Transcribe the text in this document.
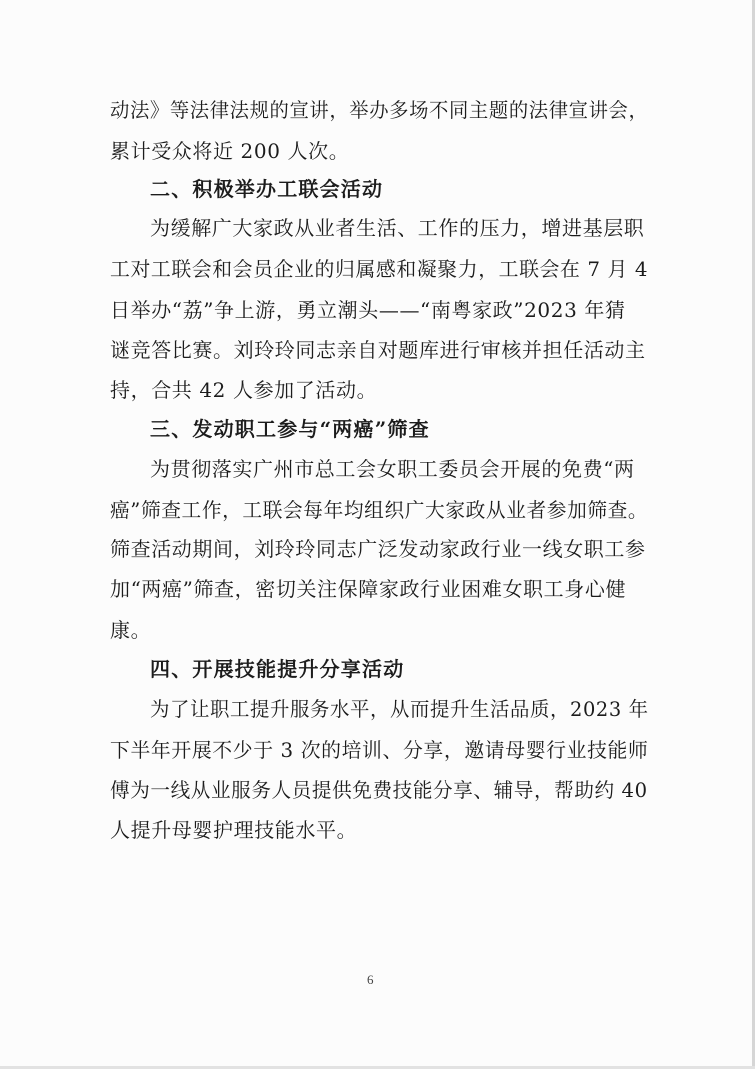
动法》等法律法规的宣讲，举办多场不同主题的法律宣讲会，
累计受众将近 200 人次。
二、积极举办工联会活动
为缓解广大家政从业者生活、工作的压力，增进基层职
工对工联会和会员企业的归属感和凝聚力，工联会在 7 月 4
日举办“荔”争上游，勇立潮头——“南粤家政”2023 年猜
谜竞答比赛。刘玲玲同志亲自对题库进行审核并担任活动主
持，合共 42 人参加了活动。
三、发动职工参与“两癌”筛查
为贯彻落实广州市总工会女职工委员会开展的免费“两
癌”筛查工作，工联会每年均组织广大家政从业者参加筛查。
筛查活动期间，刘玲玲同志广泛发动家政行业一线女职工参
加“两癌”筛查，密切关注保障家政行业困难女职工身心健
康。
四、开展技能提升分享活动
为了让职工提升服务水平，从而提升生活品质，2023 年
下半年开展不少于 3 次的培训、分享，邀请母婴行业技能师
傅为一线从业服务人员提供免费技能分享、辅导，帮助约 40
人提升母婴护理技能水平。
6
